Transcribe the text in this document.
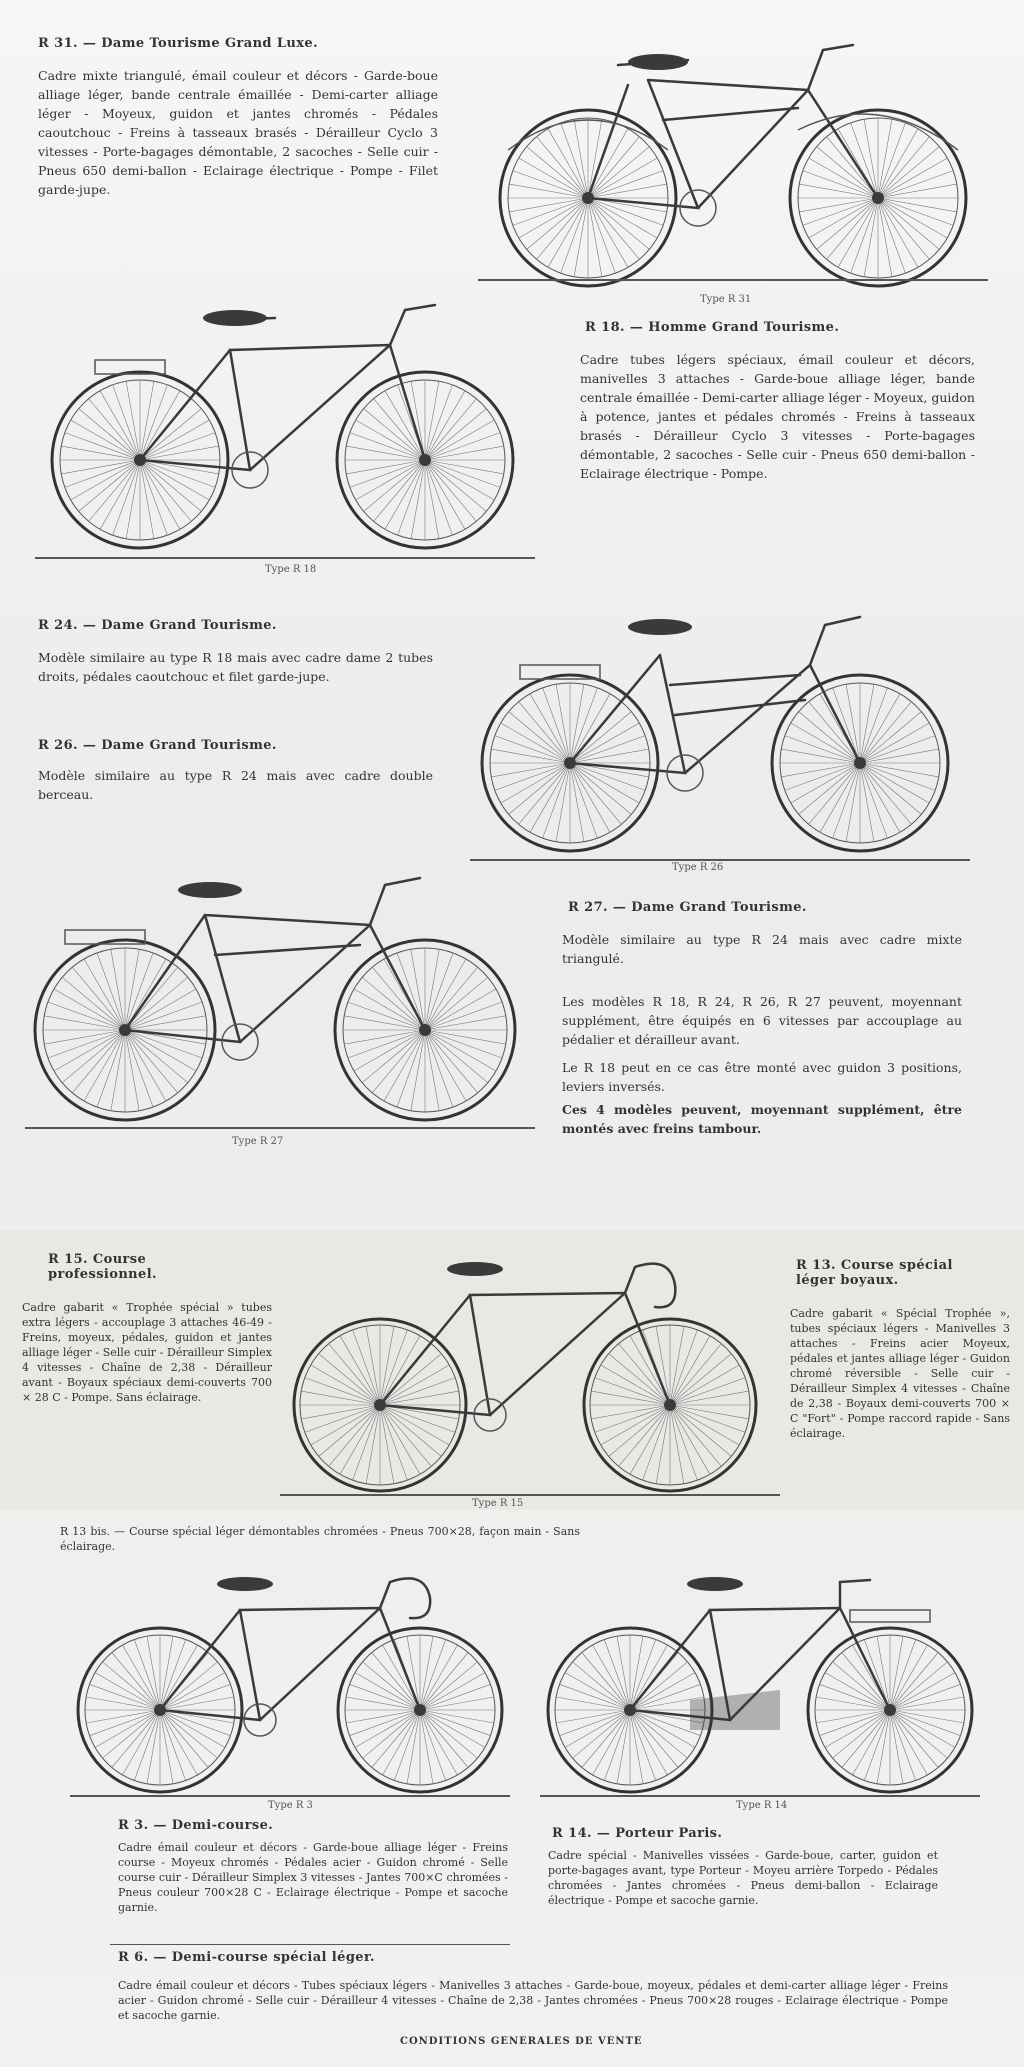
R 31. — Dame Tourisme Grand Luxe.
Cadre mixte triangulé, émail couleur et décors - Garde-boue alliage léger, bande centrale émaillée - Demi-carter alliage léger - Moyeux, guidon et jantes chromés - Pédales caoutchouc - Freins à tasseaux brasés - Dérailleur Cyclo 3 vitesses - Porte-bagages démontable, 2 sacoches - Selle cuir - Pneus 650 demi-ballon - Eclairage électrique - Pompe - Filet garde-jupe.
Type R 31
Type R 18
R 18. — Homme Grand Tourisme.
Cadre tubes légers spéciaux, émail couleur et décors, manivelles 3 attaches - Garde-boue alliage léger, bande centrale émaillée - Demi-carter alliage léger - Moyeux, guidon à potence, jantes et pédales chromés - Freins à tasseaux brasés - Dérailleur Cyclo 3 vitesses - Porte-bagages démontable, 2 sacoches - Selle cuir - Pneus 650 demi-ballon - Eclairage électrique - Pompe.
R 24. — Dame Grand Tourisme.
Modèle similaire au type R 18 mais avec cadre dame 2 tubes droits, pédales caoutchouc et filet garde-jupe.
R 26. — Dame Grand Tourisme.
Modèle similaire au type R 24 mais avec cadre double berceau.
Type R 26
Type R 27
R 27. — Dame Grand Tourisme.
Modèle similaire au type R 24 mais avec cadre mixte triangulé.
Les modèles R 18, R 24, R 26, R 27 peuvent, moyennant supplément, être équipés en 6 vitesses par accouplage au pédalier et dérailleur avant.
Le R 18 peut en ce cas être monté avec guidon 3 positions, leviers inversés.
Ces 4 modèles peuvent, moyennant supplément, être montés avec freins tambour.
R 15. Course professionnel.
Cadre gabarit « Trophée spécial » tubes extra légers - accouplage 3 attaches 46-49 - Freins, moyeux, pédales, guidon et jantes alliage léger - Selle cuir - Dérailleur Simplex 4 vitesses - Chaîne de 2,38 - Dérailleur avant - Boyaux spéciaux demi-couverts 700 × 28 C - Pompe. Sans éclairage.
Type R 15
R 13. Course spécial léger boyaux.
Cadre gabarit « Spécial Trophée », tubes spéciaux légers - Manivelles 3 attaches - Freins acier Moyeux, pédales et jantes alliage léger - Guidon chromé réversible - Selle cuir - Dérailleur Simplex 4 vitesses - Chaîne de 2,38 - Boyaux demi-couverts 700 × C "Fort" - Pompe raccord rapide - Sans éclairage.
R 13 bis. — Course spécial léger démontables chromées - Pneus 700×28, façon main - Sans éclairage.
Type R 3	Type R 14
R 3. — Demi-course.
Cadre émail couleur et décors - Garde-boue alliage léger - Freins course - Moyeux chromés - Pédales acier - Guidon chromé - Selle course cuir - Dérailleur Simplex 3 vitesses - Jantes 700×C chromées - Pneus couleur 700×28 C - Eclairage électrique - Pompe et sacoche garnie.
R 14. — Porteur Paris.
Cadre spécial - Manivelles vissées - Garde-boue, carter, guidon et porte-bagages avant, type Porteur - Moyeu arrière Torpedo - Pédales chromées - Jantes chromées - Pneus demi-ballon - Eclairage électrique - Pompe et sacoche garnie.
R 6. — Demi-course spécial léger.
Cadre émail couleur et décors - Tubes spéciaux légers - Manivelles 3 attaches - Garde-boue, moyeux, pédales et demi-carter alliage léger - Freins acier - Guidon chromé - Selle cuir - Dérailleur 4 vitesses - Chaîne de 2,38 - Jantes chromées - Pneus 700×28 rouges - Eclairage électrique - Pompe et sacoche garnie.
CONDITIONS GENERALES DE VENTE
